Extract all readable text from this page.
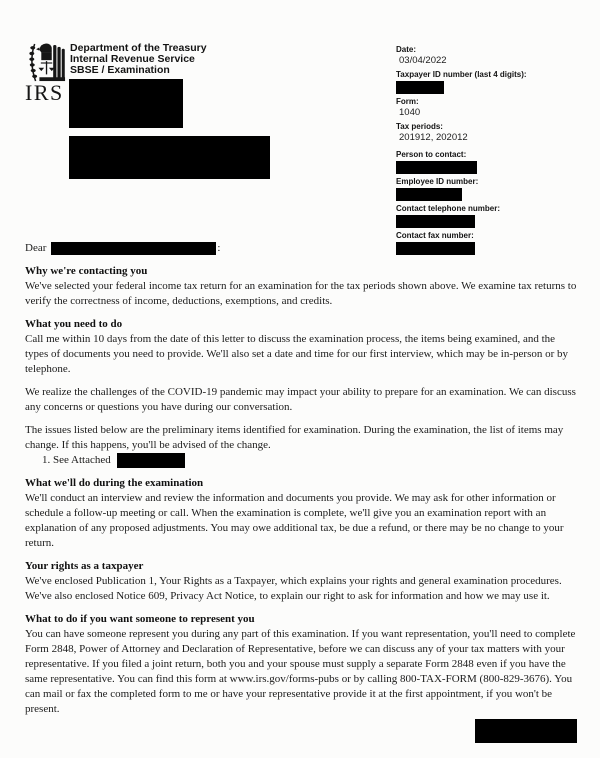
IRS
Department of the Treasury
Internal Revenue Service
SBSE / Examination
Date:
03/04/2022
Taxpayer ID number (last 4 digits):
Form:
1040
Tax periods:
201912, 202012
Person to contact:
Employee ID number:
Contact telephone number:
Contact fax number:
Dear	:
Why we're contacting you

We've selected your federal income tax return for an examination for the tax periods shown above. We examine tax returns to verify the correctness of income, deductions, exemptions, and credits.

What you need to do

Call me within 10 days from the date of this letter to discuss the examination process, the items being examined, and the types of documents you need to provide. We'll also set a date and time for our first interview, which may be in-person or by telephone.

We realize the challenges of the COVID-19 pandemic may impact your ability to prepare for an examination. We can discuss any concerns or questions you have during our conversation.

The issues listed below are the preliminary items identified for examination. During the examination, the list of items may change. If this happens, you'll be advised of the change.

1. See Attached
What we'll do during the examination

We'll conduct an interview and review the information and documents you provide. We may ask for other information or schedule a follow-up meeting or call. When the examination is complete, we'll give you an examination report with an explanation of any proposed adjustments. You may owe additional tax, be due a refund, or there may be no change to your return.

Your rights as a taxpayer

We've enclosed Publication 1, Your Rights as a Taxpayer, which explains your rights and general examination procedures. We've also enclosed Notice 609, Privacy Act Notice, to explain our right to ask for information and how we may use it.

What to do if you want someone to represent you

You can have someone represent you during any part of this examination. If you want representation, you'll need to complete Form 2848, Power of Attorney and Declaration of Representative, before we can discuss any of your tax matters with your representative. If you filed a joint return, both you and your spouse must supply a separate Form 2848 even if you have the same representative. You can find this form at www.irs.gov/forms-pubs or by calling 800-TAX-FORM (800-829-3676). You can mail or fax the completed form to me or have your representative provide it at the first appointment, if you won't be present.
